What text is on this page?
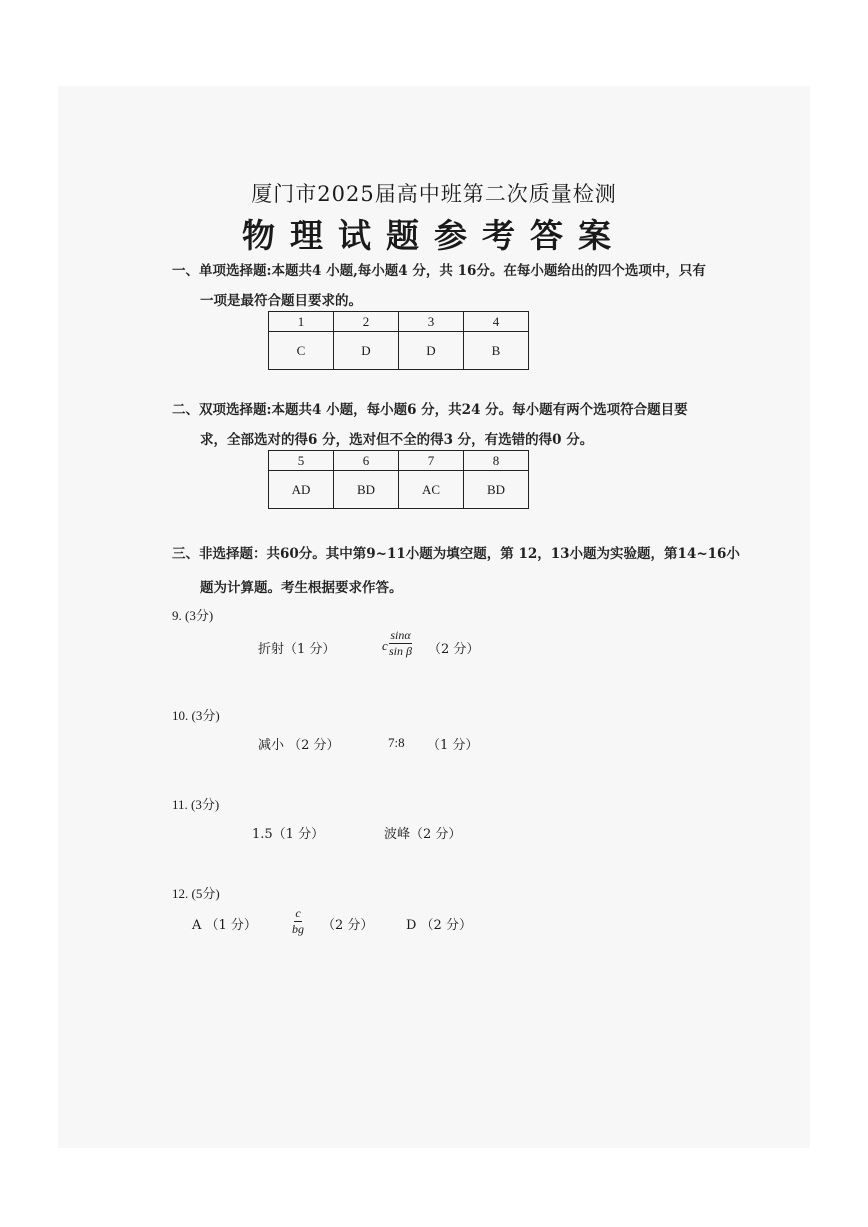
厦门市2025届高中班第二次质量检测
物理试题参考答案
一、单项选择题:本题共4 小题,每小题4 分，共 16分。在每小题给出的四个选项中，只有
一项是最符合题目要求的。
1	2	3	4
C	D	D	B
二、双项选择题:本题共4 小题，每小题6 分，共24 分。每小题有两个选项符合题目要
求，全部选对的得6 分，选对但不全的得3 分，有选错的得0 分。
5	6	7	8
AD	BD	AC	BD
三、非选择题：共60分。其中第9~11小题为填空题，第 12，13小题为实验题，第14~16小
题为计算题。考生根据要求作答。
9. (3分)
折射（1 分）	c $\frac{\sin\alpha}{\text{sin β}} (2$ 分）
10. (3分)
减小 （2 分）	7:8 （1 分）
11. (3分)
1.5（1 分）	波峰（2 分）
12. (5分)
A （1 分）	$\frac{c}{bg} (2$ 分）	D （2 分）
